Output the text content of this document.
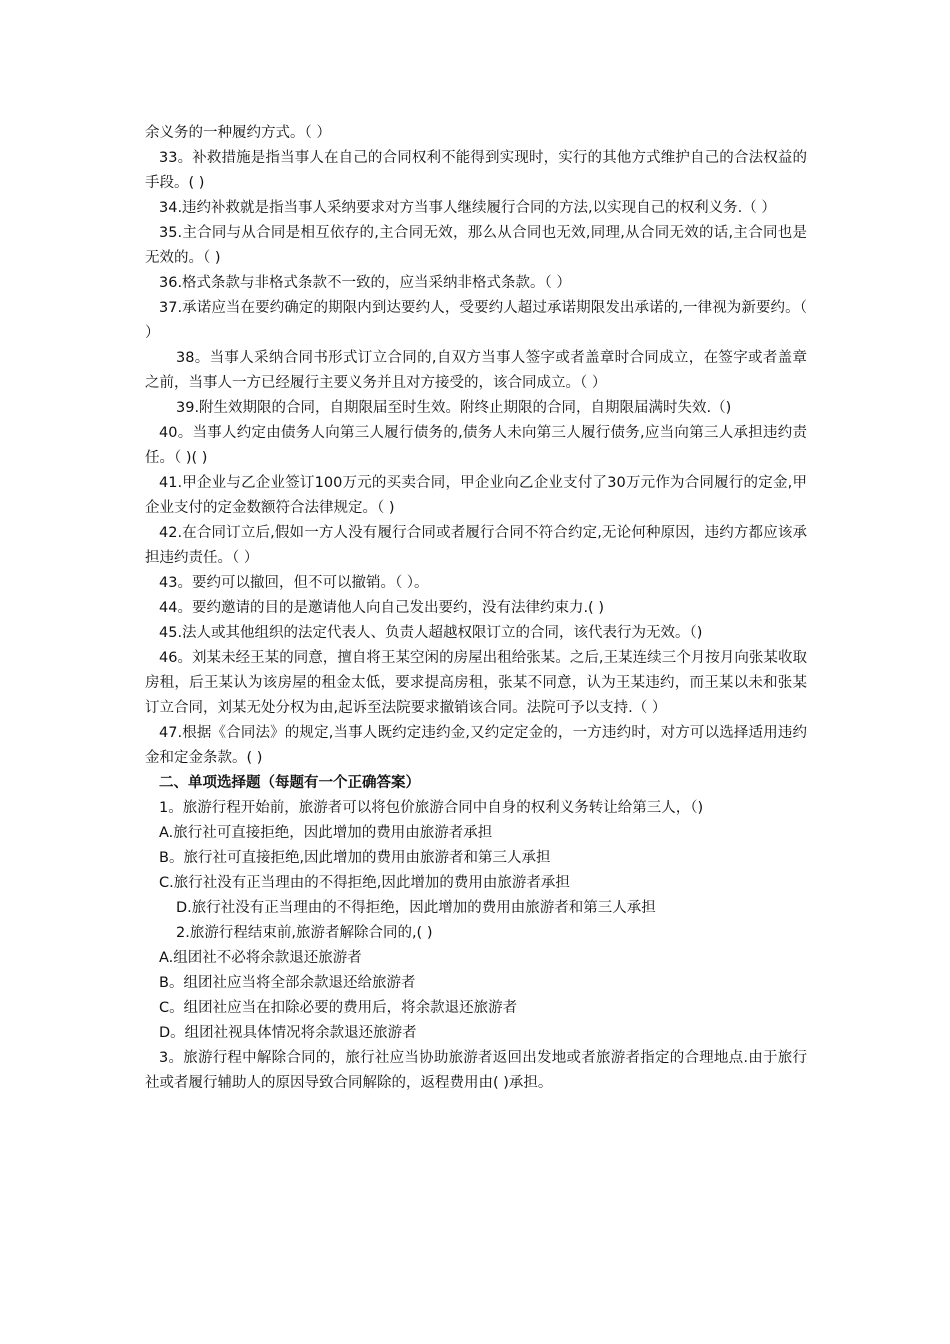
余义务的一种履约方式。（ ）

33。补救措施是指当事人在自己的合同权利不能得到实现时，实行的其他方式维护自己的合法权益的手段。( )

34.违约补救就是指当事人采纳要求对方当事人继续履行合同的方法,以实现自己的权利义务.（ ）

35.主合同与从合同是相互依存的,主合同无效，那么从合同也无效,同理,从合同无效的话,主合同也是无效的。（ )

36.格式条款与非格式条款不一致的，应当采纳非格式条款。（ ）

37.承诺应当在要约确定的期限内到达要约人，受要约人超过承诺期限发出承诺的,一律视为新要约。（ ）

38。当事人采纳合同书形式订立合同的,自双方当事人签字或者盖章时合同成立，在签字或者盖章之前，当事人一方已经履行主要义务并且对方接受的，该合同成立。（ ）

39.附生效期限的合同，自期限届至时生效。附终止期限的合同，自期限届满时失效.（)

40。当事人约定由债务人向第三人履行债务的,债务人未向第三人履行债务,应当向第三人承担违约责任。（ )( )

41.甲企业与乙企业签订100万元的买卖合同，甲企业向乙企业支付了30万元作为合同履行的定金,甲企业支付的定金数额符合法律规定。（ )

42.在合同订立后,假如一方人没有履行合同或者履行合同不符合约定,无论何种原因，违约方都应该承担违约责任。（ ）

43。要约可以撤回，但不可以撤销。（ ）。

44。要约邀请的目的是邀请他人向自己发出要约，没有法律约束力.( )

45.法人或其他组织的法定代表人、负责人超越权限订立的合同，该代表行为无效。（)

46。刘某未经王某的同意，擅自将王某空闲的房屋出租给张某。之后,王某连续三个月按月向张某收取房租，后王某认为该房屋的租金太低，要求提高房租，张某不同意，认为王某违约，而王某以未和张某订立合同，刘某无处分权为由,起诉至法院要求撤销该合同。法院可予以支持.（ ）

47.根据《合同法》的规定,当事人既约定违约金,又约定定金的，一方违约时，对方可以选择适用违约金和定金条款。( )

二、单项选择题（每题有一个正确答案）

1。旅游行程开始前，旅游者可以将包价旅游合同中自身的权利义务转让给第三人，（)

A.旅行社可直接拒绝，因此增加的费用由旅游者承担

B。旅行社可直接拒绝,因此增加的费用由旅游者和第三人承担

C.旅行社没有正当理由的不得拒绝,因此增加的费用由旅游者承担

D.旅行社没有正当理由的不得拒绝，因此增加的费用由旅游者和第三人承担

2.旅游行程结束前,旅游者解除合同的,( )

A.组团社不必将余款退还旅游者

B。组团社应当将全部余款退还给旅游者

C。组团社应当在扣除必要的费用后，将余款退还旅游者

D。组团社视具体情况将余款退还旅游者

3。旅游行程中解除合同的，旅行社应当协助旅游者返回出发地或者旅游者指定的合理地点.由于旅行社或者履行辅助人的原因导致合同解除的，返程费用由( )承担。
